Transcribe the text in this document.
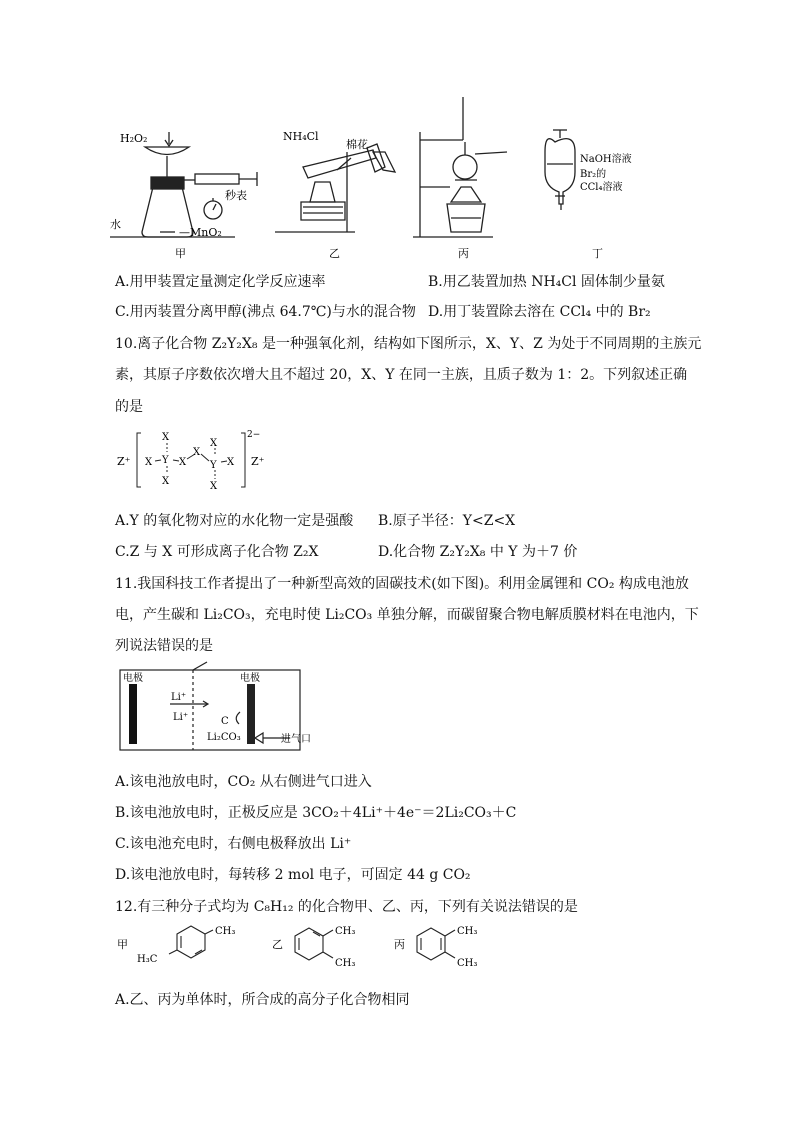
H₂O₂
水
—MnO₂
秒表
甲
NH₄Cl
棉花
乙	丙
NaOH溶液
Br₂的
CCl₄溶液
丁
A.用甲装置定量测定化学反应速率	B.用乙装置加热 NH₄Cl 固体制少量氨
C.用丙装置分离甲醇(沸点 64.7℃)与水的混合物 D.用丁装置除去溶在 CCl₄ 中的 Br₂
10.离子化合物 Z₂Y₂X₈ 是一种强氧化剂，结构如下图所示，X、Y、Z 为处于不同周期的主族元
素，其原子序数依次增大且不超过 20，X、Y 在同一主族，且质子数为 1：2。下列叙述正确
的是
Z⁺
X
X Y
X
X
X
X
Y X
X
2−
Z⁺
A.Y 的氧化物对应的水化物一定是强酸 B.原子半径：Y<Z<X
C.Z 与 X 可形成离子化合物 Z₂X	D.化合物 Z₂Y₂X₈ 中 Y 为＋7 价
11.我国科技工作者提出了一种新型高效的固碳技术(如下图)。利用金属锂和 CO₂ 构成电池放
电，产生碳和 Li₂CO₃，充电时使 Li₂CO₃ 单独分解，而碳留聚合物电解质膜材料在电池内，下
列说法错误的是
电极	电极
Li⁺
Li⁺	C
Li₂CO₃	进气口
A.该电池放电时，CO₂ 从右侧进气口进入
B.该电池放电时，正极反应是 3CO₂＋4Li⁺＋4e⁻＝2Li₂CO₃＋C
C.该电池充电时，右侧电极释放出 Li⁺
D.该电池放电时，每转移 2 mol 电子，可固定 44 g CO₂
12.有三种分子式均为 C₈H₁₂ 的化合物甲、乙、丙，下列有关说法错误的是
甲
CH₃
H₃C
乙
CH₃
CH₃
丙
CH₃
CH₃
A.乙、丙为单体时，所合成的高分子化合物相同
